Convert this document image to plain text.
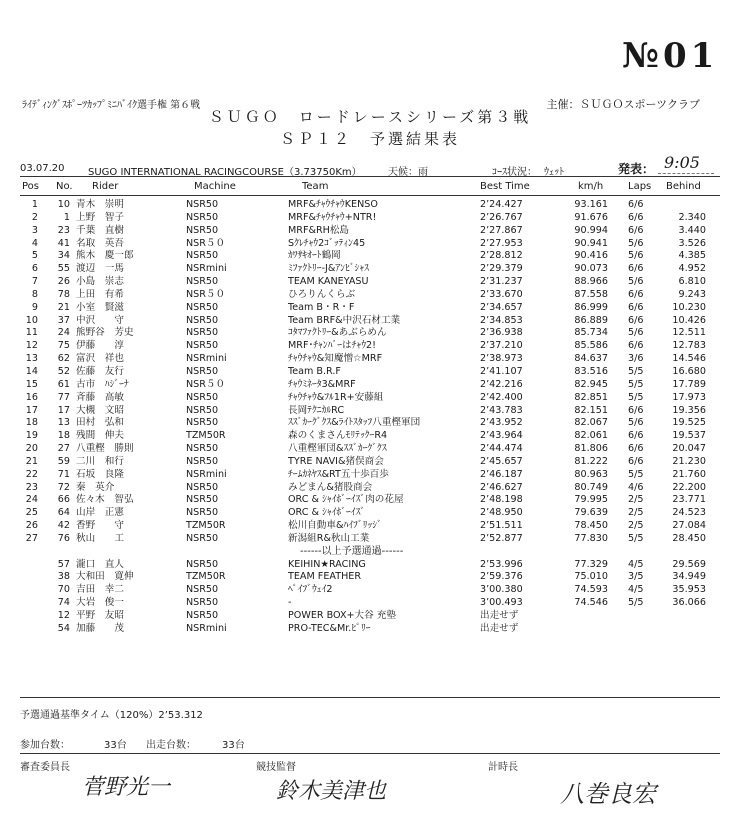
№01
ﾗｲﾃﾞｨﾝｸﾞｽﾎﾟｰﾂｶｯﾌﾟﾐﾆﾊﾞｲｸ選手権 第６戦	主催：ＳＵＧＯスポーツクラブ
ＳＵＧＯ　ロードレースシリーズ第３戦
ＳＰ１２　予選結果表
03.07.20 SUGO INTERNATIONAL RACINGCOURSE（3.73750Km）	天候： 雨	ｺｰｽ状況： ｳｪｯﾄ	発表： 9:05
Pos No. Rider	Machine	Team	Best Time	km/h Laps Behind
1	10 青木　崇明	NSR50	MRF&ﾁｬｳﾁｬｳKENSO	2’24.427	93.161 6/6
2	1 上野　智子	NSR50	MRF&ﾁｬｳﾁｬｳ+NTR!	2’26.767	91.676 6/6	2.340
3	23 千葉　直樹	NSR50	MRF&RH松島	2’27.867	90.994 6/6	3.440
4	41 名取　英吾	NSR５０	Sｸﾚﾁｬｳ2ｺﾞｯﾃｨﾝ45	2’27.953	90.941 5/6	3.526
5	34 熊木　慶一郎	NSR50	ｶﾜｻｷｵｰﾄ鶴岡	2’28.812	90.416 5/6	4.385
6	55 渡辺　一馬	NSRmini	ﾐﾌｧｸﾄﾘｰ-J&ｱﾝﾋﾞｼｬｽ	2’29.379	90.073 6/6	4.952
7	26 小島　崇志	NSR50	TEAM KANEYASU	2’31.237	88.966 5/6	6.810
8	78 上田　有希	NSR５０	ひろりんくらぶ	2’33.670	87.558 6/6	9.243
9	21 小室　賢滋	NSR50	Team B・R・F	2’34.657	86.999 6/6	10.230
10	37 中沢　　守	NSR50	Team BRF&中沢石材工業	2’34.853	86.889 6/6	10.426
11	24 熊野谷　芳史	NSR50	ｺﾀﾏﾌｧｸﾄﾘｰ&あぶらめん	2’36.938	85.734 5/6	12.511
12	75 伊藤　　淳	NSR50	MRF･ﾁｬﾝﾊﾞｰはﾁｬｳ2!	2’37.210	85.586 6/6	12.783
13	62 富沢　祥也	NSRmini	ﾁｬｳﾁｬｳ&知魔憎☆MRF	2’38.973	84.637 3/6	14.546
14	52 佐藤　友行	NSR50	Team B.R.F	2’41.107	83.516 5/5	16.680
15	61 古市　ﾊｼﾞｰﾅ	NSR５０	ﾁｬｳﾐﾈｰﾀ3&MRF	2’42.216	82.945 5/5	17.789
16	77 斉藤　高敏	NSR50	ﾁｬｳﾁｬｳ&ﾌﾙ1R+安藤組	2’42.400	82.851 5/5	17.973
17	17 大槻　文昭	NSR50	長岡ﾃｸﾆｶﾙRC	2’43.783	82.151 6/6	19.356
18	13 田村　弘和	NSR50	ｽｽﾞｶｰｸﾞｸｽ&ﾗｲﾄｽﾀｯﾌ八重樫軍団	2’43.952	82.067 5/6	19.525
19	18 残間　伸夫	TZM50R	森のくまさんﾓﾘﾃｯｸｰR4	2’43.964	82.061 6/6	19.537
20	27 八重樫　勝則	NSR50	八重樫軍団&ｽｽﾞｶｰｸﾞｸｽ	2’44.474	81.806 6/6	20.047
21	59 二川　和行	NSR50	TYRE NAVI&猪俣商会	2’45.657	81.222 6/6	21.230
22	71 石坂　良隆	NSRmini	ﾁｰﾑｶﾈﾔｽ&RT五十歩百歩	2’46.187	80.963 5/5	21.760
23	72 秦　英介	NSR50	みどまん&猪股商会	2’46.627	80.749 4/6	22.200
24	66 佐々木　智弘	NSR50	ORC & ｼｬｲﾎﾞｰｲｽﾞ肉の花屋	2’48.198	79.995 2/5	23.771
25	64 山岸　正憲	NSR50	ORC & ｼｬｲﾎﾞｰｲｽﾞ	2’48.950	79.639 2/5	24.523
26	42 香野　　守	TZM50R	松川自動車&ﾊｲﾌﾞﾘｯｼﾞ	2’51.511	78.450 2/5	27.084
27	76 秋山　　工	NSR50	新潟組R&秋山工業	2’52.877	77.830 5/5	28.450
------以上予選通過------
57 瀧口　直人	NSR50	KEIHIN★RACING	2’53.996	77.329 4/5	29.569
38 大和田　寛伸	TZM50R	TEAM FEATHER	2’59.376	75.010 3/5	34.949
70 吉田　幸二	NSR50	ﾍﾟｲﾌﾞｳｪｲ2	3’00.380	74.593 4/5	35.953
74 大岩　俊一	NSR50	-	3’00.493	74.546 5/5	36.066
12 平野　友昭	NSR50	POWER BOX+大谷 充塾	出走せず
54 加藤　　茂	NSRmini	PRO-TEC&Mr.ﾋﾟﾘｰ	出走せず
予選通過基準タイム（120%）2’53.312
参加台数：	33台 出走台数：	33台
審査委員長
菅野光一
競技監督
鈴木美津也
計時長
八巻良宏
